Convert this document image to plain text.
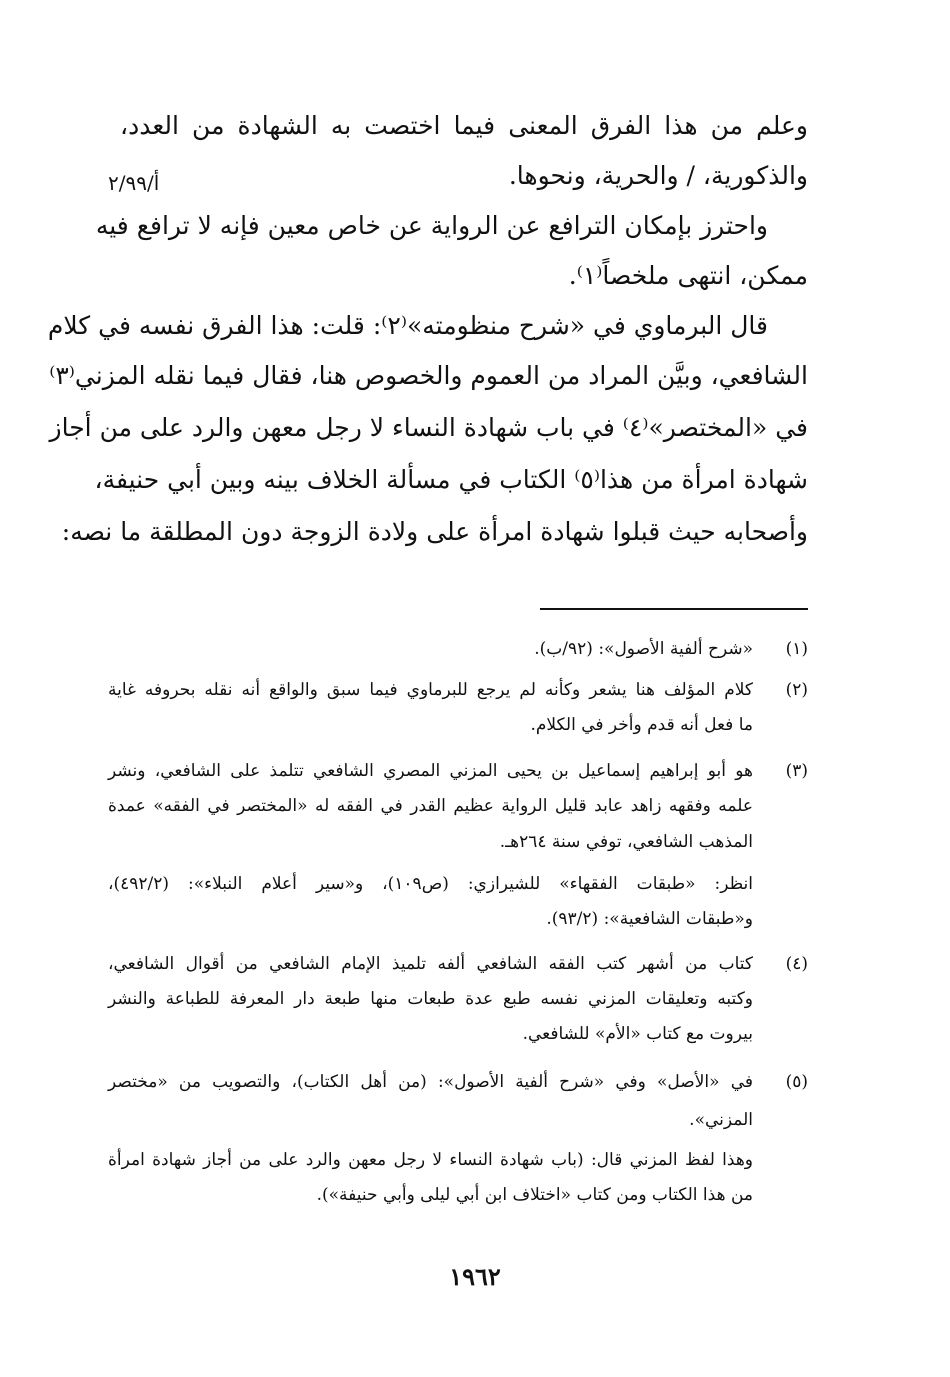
أ/٢/٩٩
وعلم من هذا الفرق المعنى فيما اختصت به الشهادة من العدد،
والذكورية، / والحرية، ونحوها.
واحترز بإمكان الترافع عن الرواية عن خاص معين فإنه لا ترافع فيه
ممكن، انتهى ملخصاً⁽١⁾.
قال البرماوي في «شرح منظومته»⁽٢⁾: قلت: هذا الفرق نفسه في كلام
الشافعي، وبيَّن المراد من العموم والخصوص هنا، فقال فيما نقله المزني⁽٣⁾
في «المختصر»⁽٤⁾ في باب شهادة النساء لا رجل معهن والرد على من أجاز
شهادة امرأة من هذا⁽٥⁾ الكتاب في مسألة الخلاف بينه وبين أبي حنيفة،
وأصحابه حيث قبلوا شهادة امرأة على ولادة الزوجة دون المطلقة ما نصه:
(١)
«شرح ألفية الأصول»: (٩٢/ب).
(٢)
كلام المؤلف هنا يشعر وكأنه لم يرجع للبرماوي فيما سبق والواقع أنه نقله بحروفه غاية
ما فعل أنه قدم وأخر في الكلام.
(٣)
هو أبو إبراهيم إسماعيل بن يحيى المزني المصري الشافعي تتلمذ على الشافعي، ونشر
علمه وفقهه زاهد عابد قليل الرواية عظيم القدر في الفقه له «المختصر في الفقه» عمدة
المذهب الشافعي، توفي سنة ٢٦٤هـ.
انظر: «طبقات الفقهاء» للشيرازي: (ص١٠٩)، و«سير أعلام النبلاء»: (٤٩٢/٢)،
و«طبقات الشافعية»: (٩٣/٢).
(٤)
كتاب من أشهر كتب الفقه الشافعي ألفه تلميذ الإمام الشافعي من أقوال الشافعي،
وكتبه وتعليقات المزني نفسه طبع عدة طبعات منها طبعة دار المعرفة للطباعة والنشر
بيروت مع كتاب «الأم» للشافعي.
(٥)
في «الأصل» وفي «شرح ألفية الأصول»: (من أهل الكتاب)، والتصويب من «مختصر
المزني».
وهذا لفظ المزني قال: (باب شهادة النساء لا رجل معهن والرد على من أجاز شهادة امرأة
من هذا الكتاب ومن كتاب «اختلاف ابن أبي ليلى وأبي حنيفة»).
١٩٦٢
